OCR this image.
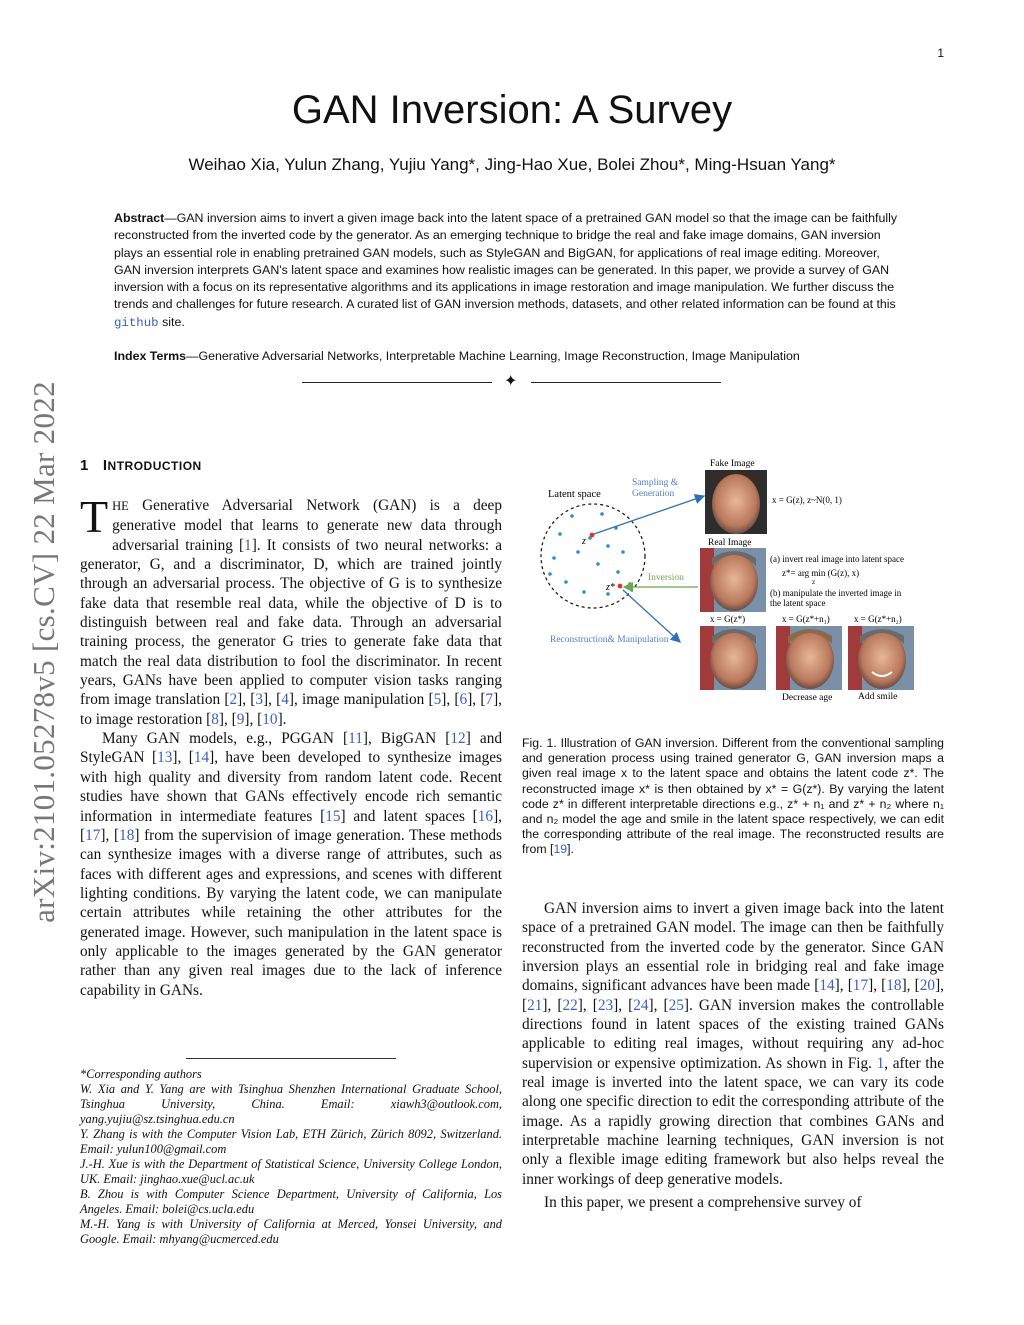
1
GAN Inversion: A Survey
Weihao Xia, Yulun Zhang, Yujiu Yang*, Jing-Hao Xue, Bolei Zhou*, Ming-Hsuan Yang*
Abstract—GAN inversion aims to invert a given image back into the latent space of a pretrained GAN model so that the image can be faithfully reconstructed from the inverted code by the generator. As an emerging technique to bridge the real and fake image domains, GAN inversion plays an essential role in enabling pretrained GAN models, such as StyleGAN and BigGAN, for applications of real image editing. Moreover, GAN inversion interprets GAN's latent space and examines how realistic images can be generated. In this paper, we provide a survey of GAN inversion with a focus on its representative algorithms and its applications in image restoration and image manipulation. We further discuss the trends and challenges for future research. A curated list of GAN inversion methods, datasets, and other related information can be found at this github site.
Index Terms—Generative Adversarial Networks, Interpretable Machine Learning, Image Reconstruction, Image Manipulation
✦
arXiv:2101.05278v5 [cs.CV] 22 Mar 2022 1 INTRODUCTION

THE Generative Adversarial Network (GAN) is a deep generative model that learns to generate new data through adversarial training [1]. It consists of two neural networks: a generator, G, and a discriminator, D, which are trained jointly through an adversarial process. The objective of G is to synthesize fake data that resemble real data, while the objective of D is to distinguish between real and fake data. Through an adversarial training process, the generator G tries to generate fake data that match the real data distribution to fool the discriminator. In recent years, GANs have been applied to computer vision tasks ranging from image translation [2], [3], [4], image manipulation [5], [6], [7], to image restoration [8], [9], [10].

Many GAN models, e.g., PGGAN [11], BigGAN [12] and StyleGAN [13], [14], have been developed to synthesize images with high quality and diversity from random latent code. Recent studies have shown that GANs effectively encode rich semantic information in intermediate features [15] and latent spaces [16], [17], [18] from the supervision of image generation. These methods can synthesize images with a diverse range of attributes, such as faces with different ages and expressions, and scenes with different lighting conditions. By varying the latent code, we can manipulate certain attributes while retaining the other attributes for the generated image. However, such manipulation in the latent space is only applicable to the images generated by the GAN generator rather than any given real images due to the lack of inference capability in GANs.

*Corresponding authors

W. Xia and Y. Yang are with Tsinghua Shenzhen International Graduate School, Tsinghua University, China. Email: xiawh3@outlook.com, yang.yujiu@sz.tsinghua.edu.cn

Y. Zhang is with the Computer Vision Lab, ETH Zürich, Zürich 8092, Switzerland. Email: yulun100@gmail.com

J.-H. Xue is with the Department of Statistical Science, University College London, UK. Email: jinghao.xue@ucl.ac.uk

B. Zhou is with Computer Science Department, University of California, Los Angeles. Email: bolei@cs.ucla.edu

M.-H. Yang is with University of California at Merced, Yonsei University, and Google. Email: mhyang@ucmerced.edu

Latent space
z
z*
Sampling &
Generation
Inversion
Reconstruction& Manipulation
Fake Image
x = G(z), z~N(0, 1)
Real Image
(a) invert real image into latent space
z*= arg min (G(z), x)
z
(b) manipulate the inverted image in
the latent space
x = G(z*)	x = G(z*+n₁)	x = G(z*+n₂)
Decrease age	Add smile

Fig. 1. Illustration of GAN inversion. Different from the conventional sampling and generation process using trained generator G, GAN inversion maps a given real image x to the latent space and obtains the latent code z*. The reconstructed image x* is then obtained by x* = G(z*). By varying the latent code z* in different interpretable directions e.g., z* + n₁ and z* + n₂ where n₁ and n₂ model the age and smile in the latent space respectively, we can edit the corresponding attribute of the real image. The reconstructed results are from [19].

GAN inversion aims to invert a given image back into the latent space of a pretrained GAN model. The image can then be faithfully reconstructed from the inverted code by the generator. Since GAN inversion plays an essential role in bridging real and fake image domains, significant advances have been made [14], [17], [18], [20], [21], [22], [23], [24], [25]. GAN inversion makes the controllable directions found in latent spaces of the existing trained GANs applicable to editing real images, without requiring any ad-hoc supervision or expensive optimization. As shown in Fig. 1, after the real image is inverted into the latent space, we can vary its code along one specific direction to edit the corresponding attribute of the image. As a rapidly growing direction that combines GANs and interpretable machine learning techniques, GAN inversion is not only a flexible image editing framework but also helps reveal the inner workings of deep generative models.

In this paper, we present a comprehensive survey of
